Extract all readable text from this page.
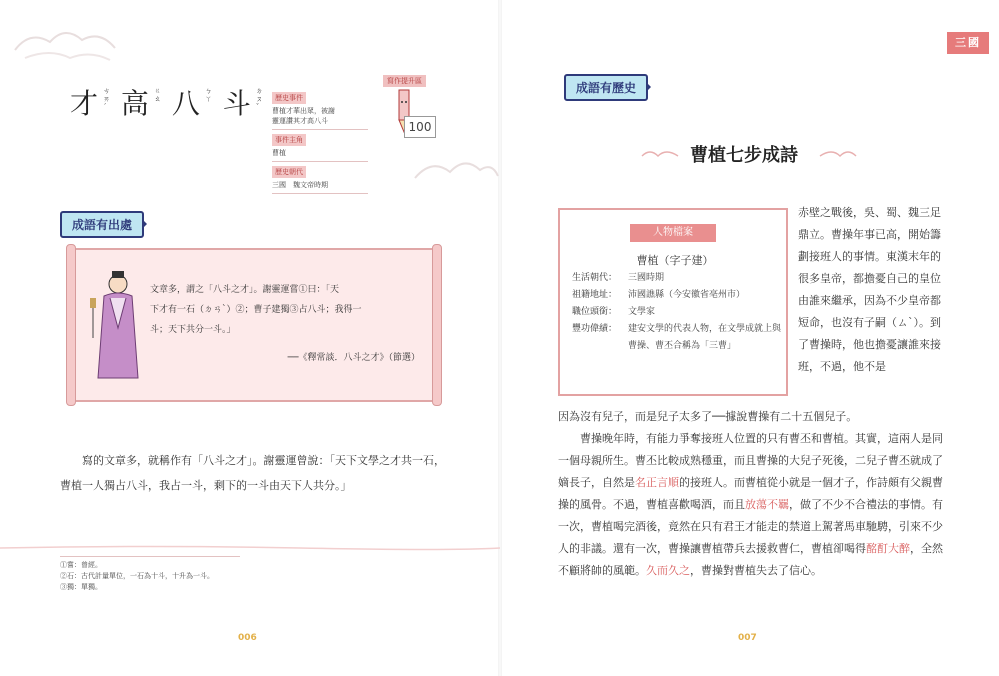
才 ㄘㄞˊ 高 ㄍㄠ 八 ㄅㄚ 斗 ㄉㄡˇ
歷史事件
曹植才華出眾，被謝
靈運讚其才高八斗
事件主角
曹植
歷史朝代
三國　魏文帝時期
寫作提升區
100
成語有出處
文章多，謂之「八斗之才」。謝靈運嘗①曰：「天
下才有一石（ㄉㄢˋ）②；曹子建獨③占八斗；我得一
斗；天下共分一斗。」
──《釋常談．八斗之才》（節選）
寫的文章多，就稱作有「八斗之才」。謝靈運曾說：「天下文學之才共一石，曹植一人獨占八斗，我占一斗，剩下的一斗由天下人共分。」
①嘗：曾經。
②石：古代計量單位，一石為十斗，十升為一斗。
③獨：單獨。
006
三國
成語有歷史
曹植七步成詩
人物檔案
曹植（字子建）
生活朝代：	三國時期
祖籍地址：	沛國譙縣（今安徽省亳州市）
職位頭銜：	文學家
豐功偉績：	建安文學的代表人物，在文學成就上與曹操、曹丕合稱為「三曹」
赤壁之戰後，吳、蜀、魏三足鼎立。曹操年事已高，開始籌劃接班人的事情。東漢末年的很多皇帝，都擔憂自己的皇位由誰來繼承，因為不少皇帝都短命，也沒有子嗣（ㄙˋ）。到了曹操時，他也擔憂讓誰來接班，不過，他不是

因為沒有兒子，而是兒子太多了──據說曹操有二十五個兒子。

曹操晚年時，有能力爭奪接班人位置的只有曹丕和曹植。其實，這兩人是同一個母親所生。曹丕比較成熟穩重，而且曹操的大兒子死後，二兒子曹丕就成了嫡長子，自然是名正言順的接班人。而曹植從小就是一個才子，作詩頗有父親曹操的風骨。不過，曹植喜歡喝酒，而且放蕩不羈，做了不少不合禮法的事情。有一次，曹植喝完酒後，竟然在只有君王才能走的禁道上駕著馬車馳騁，引來不少人的非議。還有一次，曹操讓曹植帶兵去援救曹仁，曹植卻喝得酩酊大醉，全然不顧將帥的風範。久而久之，曹操對曹植失去了信心。

007
